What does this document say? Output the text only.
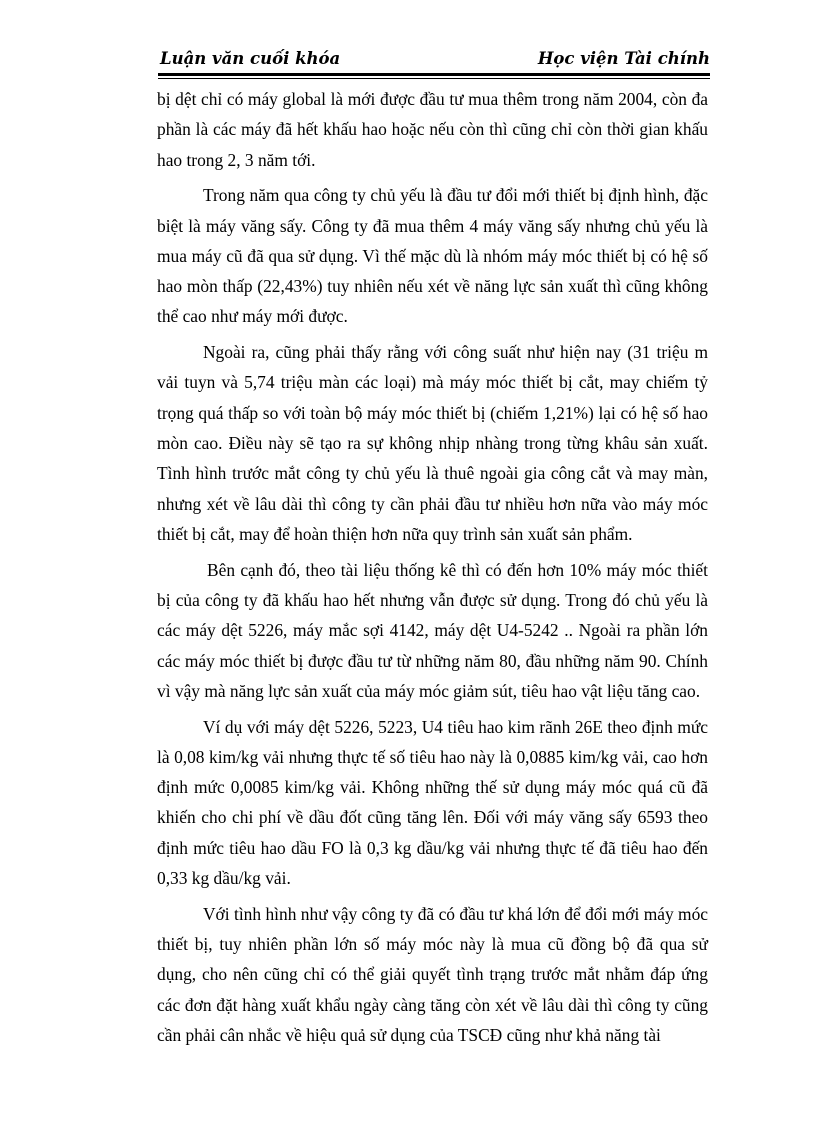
Luận văn cuối khóa	Học viện Tài chính

bị dệt chỉ có máy global là mới được đầu tư mua thêm trong năm 2004, còn đa phần là các máy đã hết khấu hao hoặc nếu còn thì cũng chỉ còn thời gian khấu hao trong 2, 3 năm tới.

Trong năm qua công ty chủ yếu là đầu tư đổi mới thiết bị định hình, đặc biệt là máy văng sấy. Công ty đã mua thêm 4 máy văng sấy nhưng chủ yếu là mua máy cũ đã qua sử dụng. Vì thế mặc dù là nhóm máy móc thiết bị có hệ số hao mòn thấp (22,43%) tuy nhiên nếu xét về năng lực sản xuất thì cũng không thể cao như máy mới được.

Ngoài ra, cũng phải thấy rằng với công suất như hiện nay (31 triệu m vải tuyn và 5,74 triệu màn các loại) mà máy móc thiết bị cắt, may chiếm tỷ trọng quá thấp so với toàn bộ máy móc thiết bị (chiếm 1,21%) lại có hệ số hao mòn cao. Điều này sẽ tạo ra sự không nhịp nhàng trong từng khâu sản xuất. Tình hình trước mắt công ty chủ yếu là thuê ngoài gia công cắt và may màn, nhưng xét về lâu dài thì công ty cần phải đầu tư nhiều hơn nữa vào máy móc thiết bị cắt, may để hoàn thiện hơn nữa quy trình sản xuất sản phẩm.

Bên cạnh đó, theo tài liệu thống kê thì có đến hơn 10% máy móc thiết bị của công ty đã khấu hao hết nhưng vẫn được sử dụng. Trong đó chủ yếu là các máy dệt 5226, máy mắc sợi 4142, máy dệt U4-5242 .. Ngoài ra phần lớn các máy móc thiết bị được đầu tư từ những năm 80, đầu những năm 90. Chính vì vậy mà năng lực sản xuất của máy móc giảm sút, tiêu hao vật liệu tăng cao.

Ví dụ với máy dệt 5226, 5223, U4 tiêu hao kim rãnh 26E theo định mức là 0,08 kim/kg vải nhưng thực tế số tiêu hao này là 0,0885 kim/kg vải, cao hơn định mức 0,0085 kim/kg vải. Không những thế sử dụng máy móc quá cũ đã khiến cho chi phí về dầu đốt cũng tăng lên. Đối với máy văng sấy 6593 theo định mức tiêu hao dầu FO là 0,3 kg dầu/kg vải nhưng thực tế đã tiêu hao đến 0,33 kg dầu/kg vải.

Với tình hình như vậy công ty đã có đầu tư khá lớn để đổi mới máy móc thiết bị, tuy nhiên phần lớn số máy móc này là mua cũ đồng bộ đã qua sử dụng, cho nên cũng chỉ có thể giải quyết tình trạng trước mắt nhằm đáp ứng các đơn đặt hàng xuất khẩu ngày càng tăng còn xét về lâu dài thì công ty cũng cần phải cân nhắc về hiệu quả sử dụng của TSCĐ cũng như khả năng tài
